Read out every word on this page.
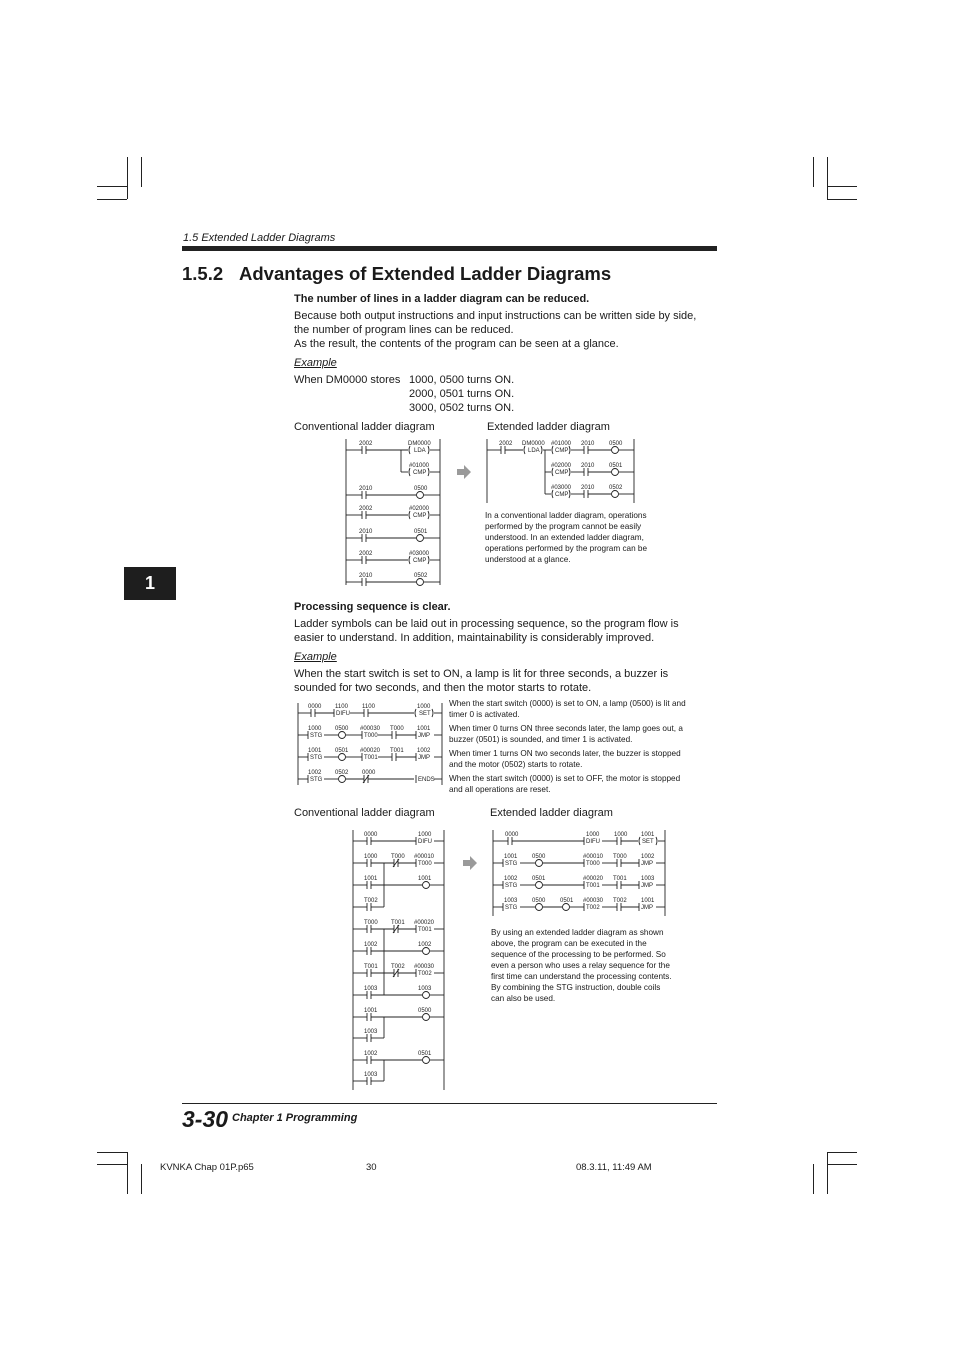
1.5 Extended Ladder Diagrams
1.5.2 Advantages of Extended Ladder Diagrams
The number of lines in a ladder diagram can be reduced.
Because both output instructions and input instructions can be written side by side,
the number of program lines can be reduced.
As the result, the contents of the program can be seen at a glance.
Example
When DM0000 stores 1000, 0500 turns ON.
2000, 0501 turns ON.
3000, 0502 turns ON.
Conventional ladder diagram	Extended ladder diagram
2002	DM0000
LDA
#01000
CMP
2010	0500
2002	#02000
CMP
2010	0501
2002	#03000
CMP
2010	0502
2002 DM0000 #01000 2010 0500
LDA	CMP
#02000 2010 0501
CMP
#03000 2010 0502
CMP
In a conventional ladder diagram, operations
performed by the program cannot be easily
understood. In an extended ladder diagram,
operations performed by the program can be
understood at a glance.
1
Processing sequence is clear.
Ladder symbols can be laid out in processing sequence, so the program flow is
easier to understand. In addition, maintainability is considerably improved.
Example
When the start switch is set to ON, a lamp is lit for three seconds, a buzzer is
sounded for two seconds, and then the motor starts to rotate.
0000 1100 1100	1000
DIFU	SET
1000 0500 #00030 T000 1001
STG	T000	JMP
1001 0501 #00020 T001 1002
STG	T001	JMP
1002 0502 0000
STG	ENDS
When the start switch (0000) is set to ON, a lamp (0500) is lit and
timer 0 is activated.
When timer 0 turns ON three seconds later, the lamp goes out, a
buzzer (0501) is sounded, and timer 1 is activated.
When timer 1 turns ON two seconds later, the buzzer is stopped
and the motor (0502) starts to rotate.
When the start switch (0000) is set to OFF, the motor is stopped
and all operations are reset.
Conventional ladder diagram	Extended ladder diagram
0000	1000
DIFU
1000 T000 #00010
T000
1001	1001
T002
T000 T001 #00020
T001
1002	1002
T001 T002 #00030
T002
1003	1003
1001	0500
1003
1002	0501
1003
0000	1000 1000 1001
DIFU	SET
1001 0500	#00010 T000 1002
STG	T000	JMP
1002 0501	#00020 T001 1003
STG	T001	JMP
1003 0500 0501 #00030 T002 1001
STG	T002	JMP
By using an extended ladder diagram as shown
above, the program can be executed in the
sequence of the processing to be performed. So
even a person who uses a relay sequence for the
first time can understand the processing contents.
By combining the STG instruction, double coils
can also be used.
3-30 Chapter 1 Programming
KVNKA Chap 01P.p65	30	08.3.11, 11:49 AM
